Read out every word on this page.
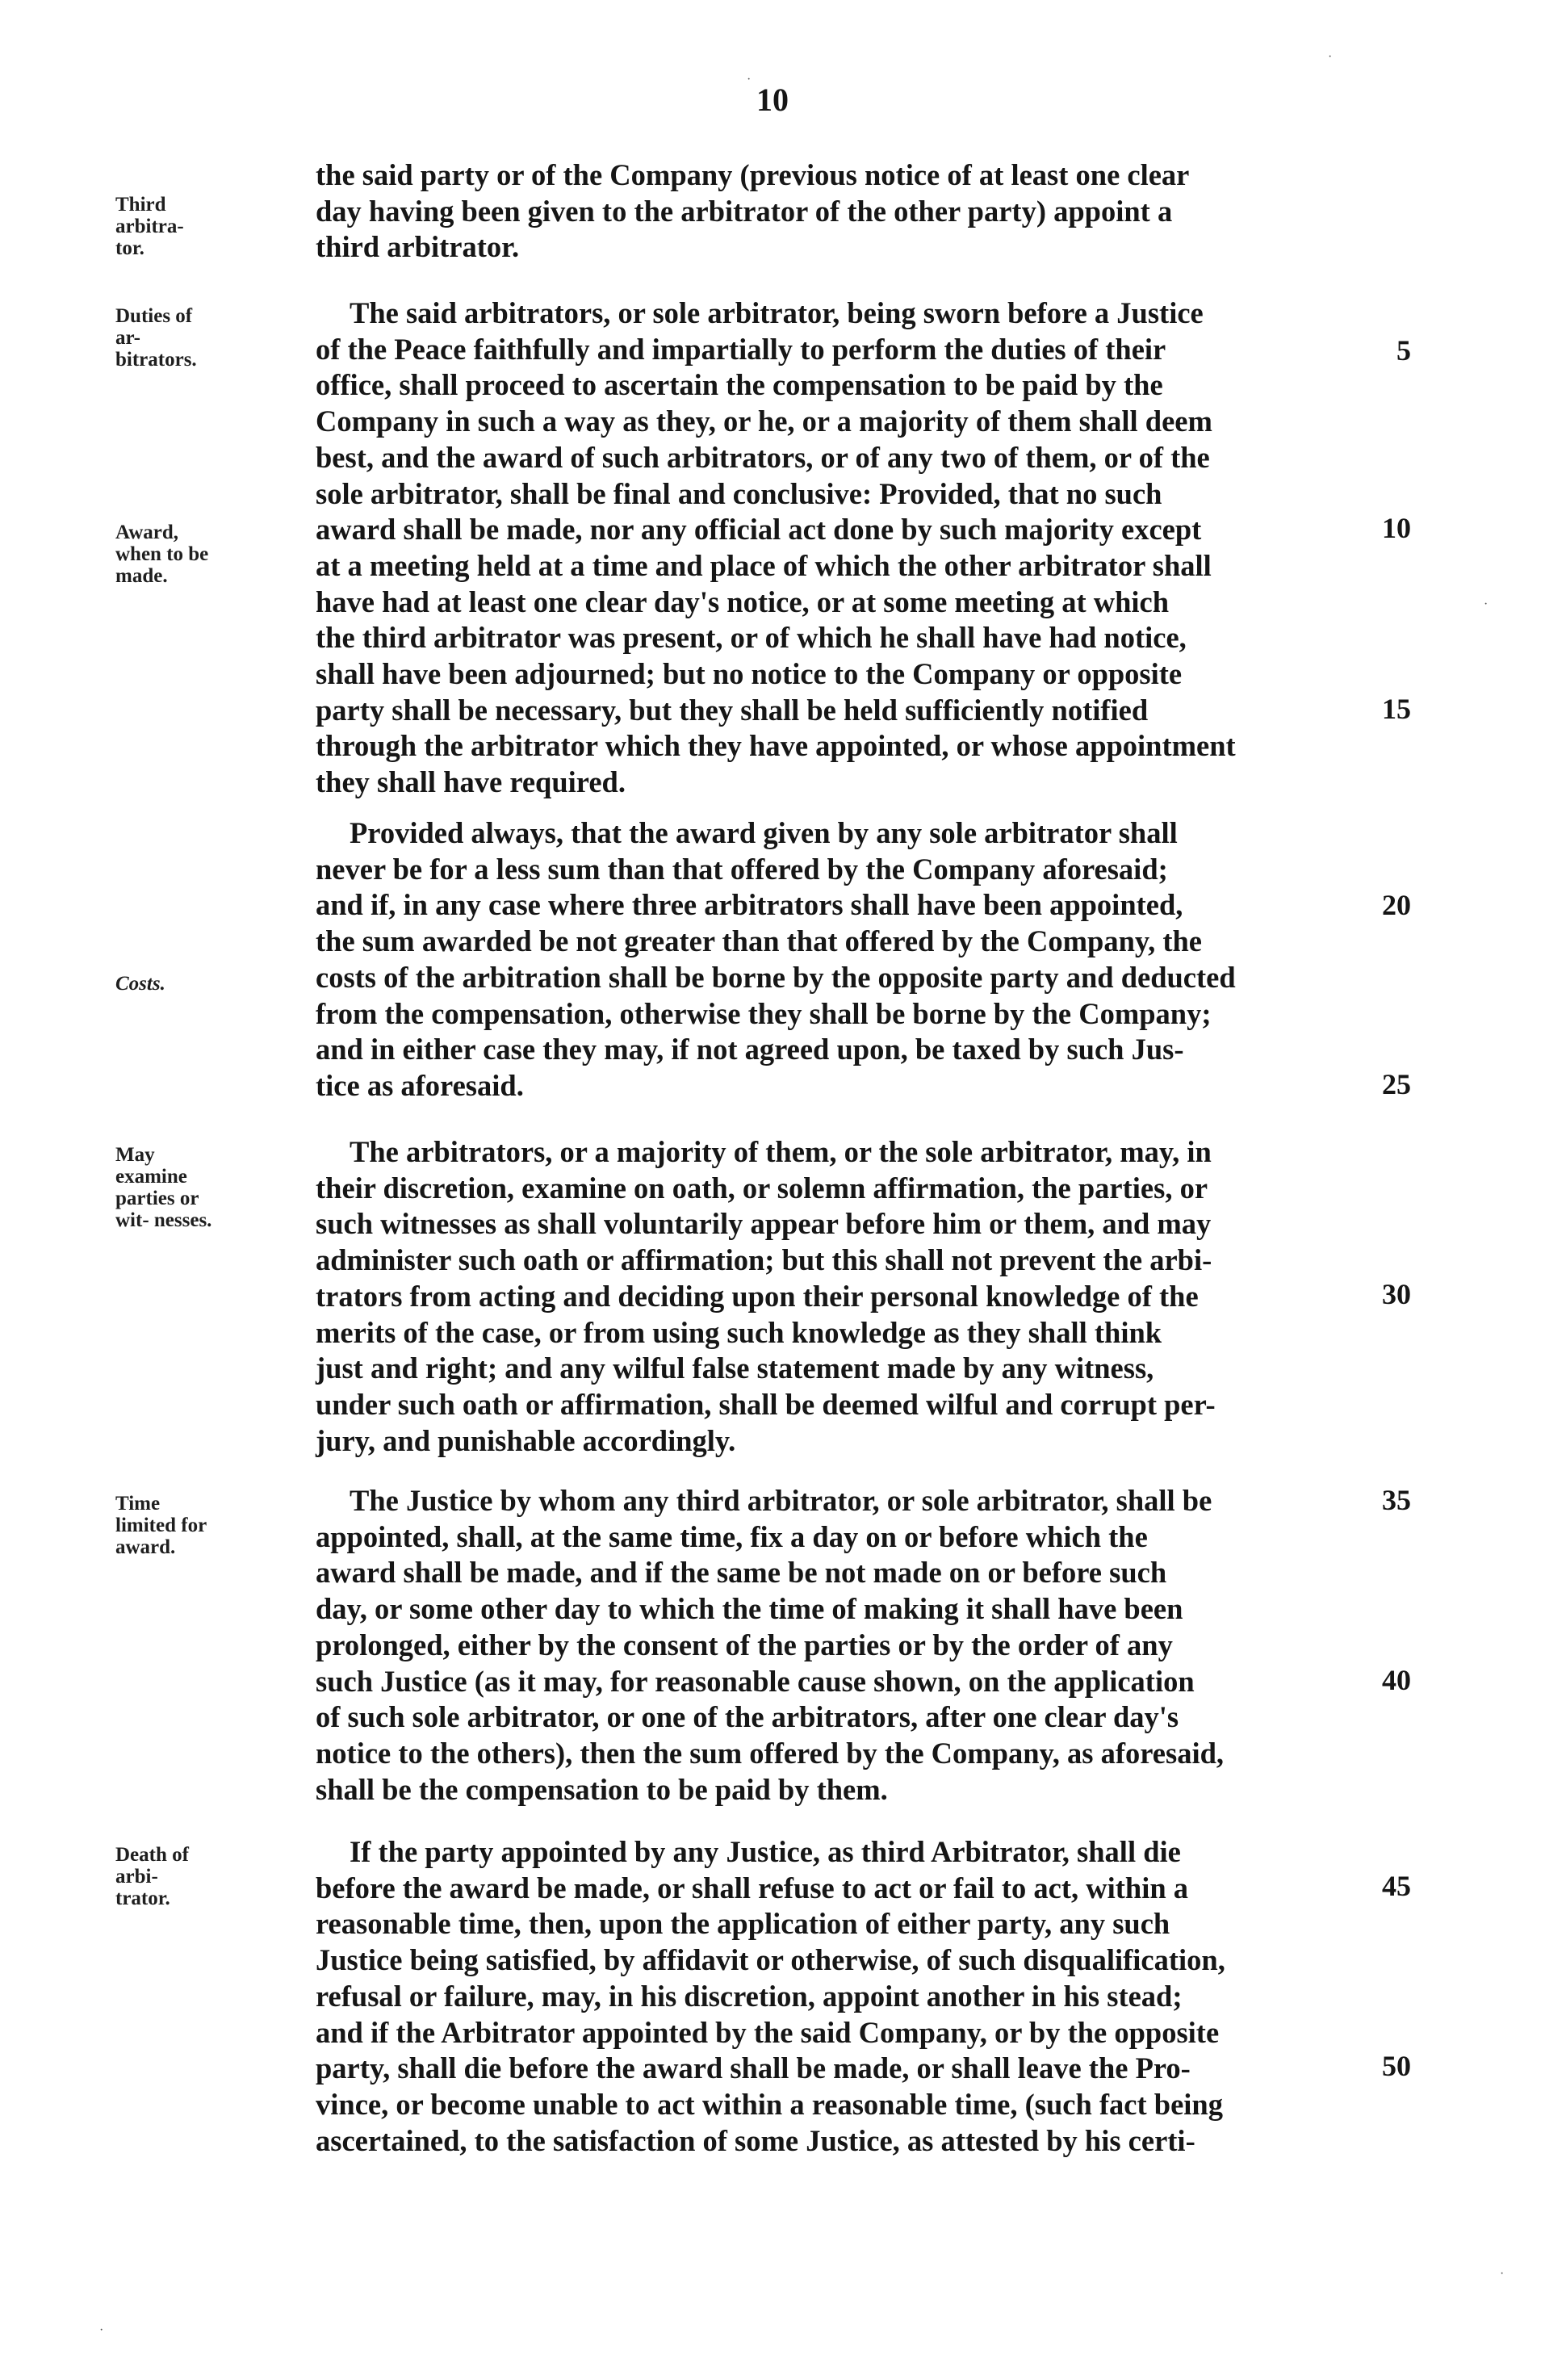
10
Third arbitra- tor.
the said party or of the Company (previous notice of at least one clear
day having been given to the arbitrator of the other party) appoint a
third arbitrator.
Duties of ar- bitrators.
Award, when to be made.
The said arbitrators, or sole arbitrator, being sworn before a Justice
of the Peace faithfully and impartially to perform the duties of their
office, shall proceed to ascertain the compensation to be paid by the
Company in such a way as they, or he, or a majority of them shall deem
best, and the award of such arbitrators, or of any two of them, or of the
sole arbitrator, shall be final and conclusive: Provided, that no such
award shall be made, nor any official act done by such majority except
at a meeting held at a time and place of which the other arbitrator shall
have had at least one clear day's notice, or at some meeting at which
the third arbitrator was present, or of which he shall have had notice,
shall have been adjourned; but no notice to the Company or opposite
party shall be necessary, but they shall be held sufficiently notified
through the arbitrator which they have appointed, or whose appointment
they shall have required.
Costs.
Provided always, that the award given by any sole arbitrator shall
never be for a less sum than that offered by the Company aforesaid;
and if, in any case where three arbitrators shall have been appointed,
the sum awarded be not greater than that offered by the Company, the
costs of the arbitration shall be borne by the opposite party and deducted
from the compensation, otherwise they shall be borne by the Company;
and in either case they may, if not agreed upon, be taxed by such Jus-
tice as aforesaid.
May examine parties or wit- nesses.
The arbitrators, or a majority of them, or the sole arbitrator, may, in
their discretion, examine on oath, or solemn affirmation, the parties, or
such witnesses as shall voluntarily appear before him or them, and may
administer such oath or affirmation; but this shall not prevent the arbi-
trators from acting and deciding upon their personal knowledge of the
merits of the case, or from using such knowledge as they shall think
just and right; and any wilful false statement made by any witness,
under such oath or affirmation, shall be deemed wilful and corrupt per-
jury, and punishable accordingly.
Time limited for award.
The Justice by whom any third arbitrator, or sole arbitrator, shall be
appointed, shall, at the same time, fix a day on or before which the
award shall be made, and if the same be not made on or before such
day, or some other day to which the time of making it shall have been
prolonged, either by the consent of the parties or by the order of any
such Justice (as it may, for reasonable cause shown, on the application
of such sole arbitrator, or one of the arbitrators, after one clear day's
notice to the others), then the sum offered by the Company, as aforesaid,
shall be the compensation to be paid by them.
Death of arbi- trator.
If the party appointed by any Justice, as third Arbitrator, shall die
before the award be made, or shall refuse to act or fail to act, within a
reasonable time, then, upon the application of either party, any such
Justice being satisfied, by affidavit or otherwise, of such disqualification,
refusal or failure, may, in his discretion, appoint another in his stead;
and if the Arbitrator appointed by the said Company, or by the opposite
party, shall die before the award shall be made, or shall leave the Pro-
vince, or become unable to act within a reasonable time, (such fact being
ascertained, to the satisfaction of some Justice, as attested by his certi-
5
10
15
20
25
30
35
40
45
50
·
·
·
·
·
